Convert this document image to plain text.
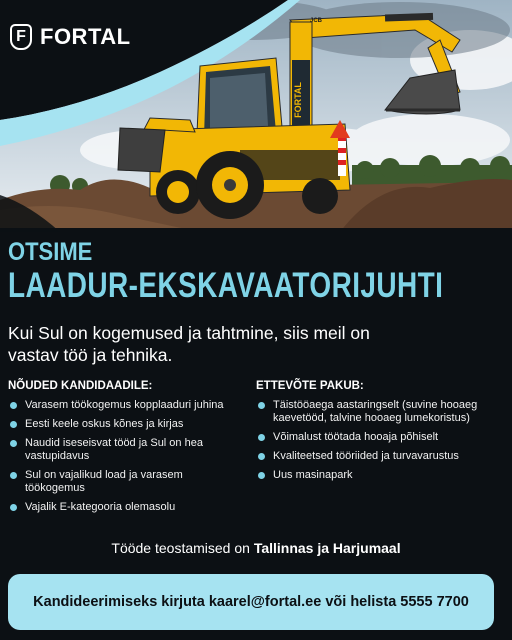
FORTAL
JCB
F FORTAL
OTSIME
LAADUR-EKSKAVAATORIJUHTI
Kui Sul on kogemused ja tahtmine, siis meil on
vastav töö ja tehnika.
NÕUDED KANDIDAADILE:
Varasem töökogemus kopplaaduri juhina
Eesti keele oskus kõnes ja kirjas
Naudid iseseisvat tööd ja Sul on hea vastupidavus
Sul on vajalikud load ja varasem töökogemus
Vajalik E-kategooria olemasolu
ETTEVÕTE PAKUB:
Täistööaega aastaringselt (suvine hooaeg kaevetööd, talvine hooaeg lumekoristus)
Võimalust töötada hooaja põhiselt
Kvaliteetsed tööriided ja turvavarustus
Uus masinapark
Tööde teostamised on Tallinnas ja Harjumaal
Kandideerimiseks kirjuta kaarel@fortal.ee või helista 5555 7700
